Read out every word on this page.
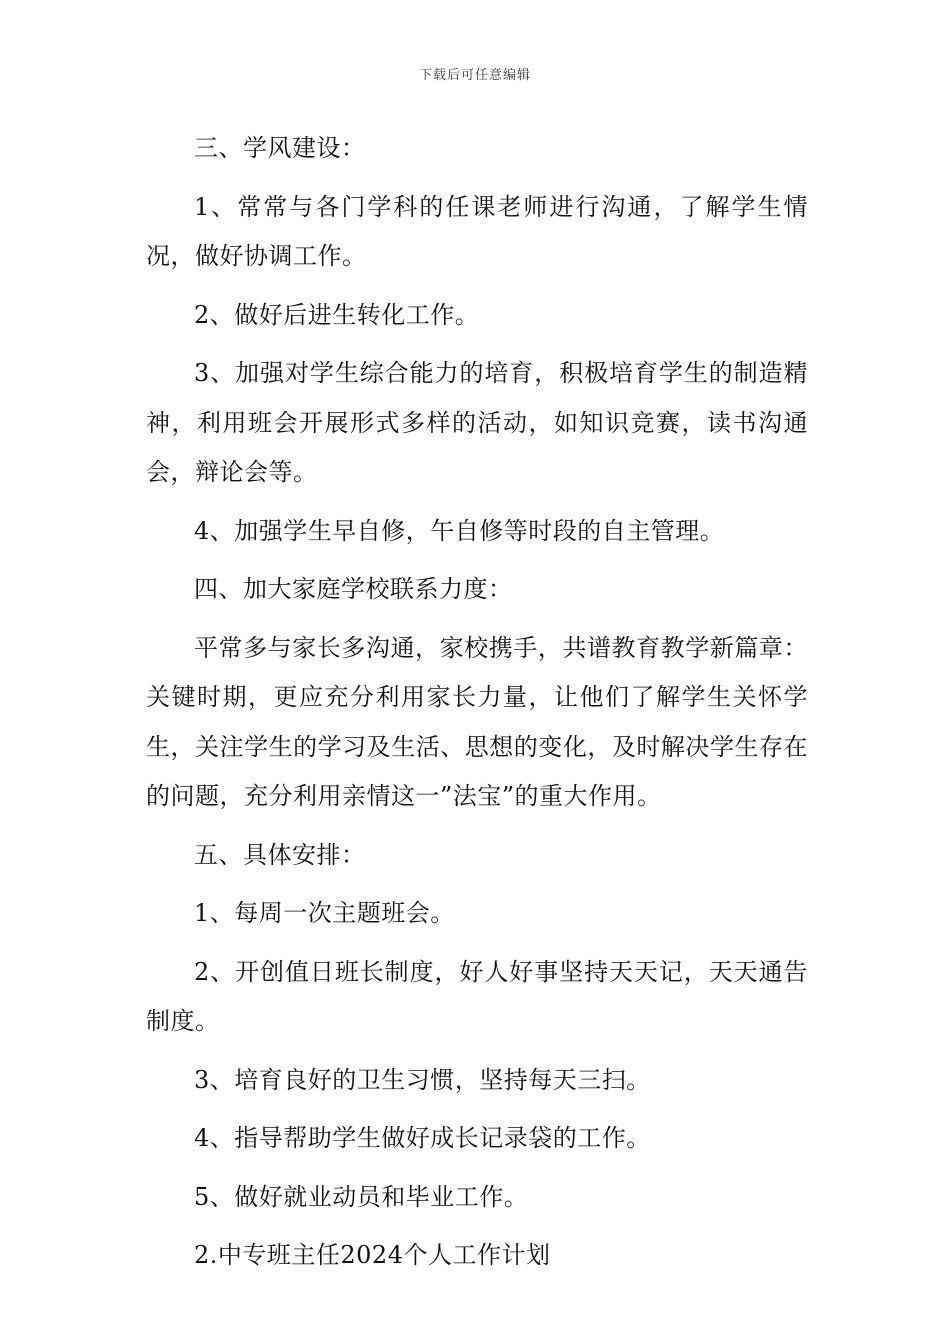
下载后可任意编辑

三、学风建设：

1、常常与各门学科的任课老师进行沟通，了解学生情况，做好协调工作。

2、做好后进生转化工作。

3、加强对学生综合能力的培育，积极培育学生的制造精神，利用班会开展形式多样的活动，如知识竞赛，读书沟通会，辩论会等。

4、加强学生早自修，午自修等时段的自主管理。

四、加大家庭学校联系力度：

平常多与家长多沟通，家校携手，共谱教育教学新篇章：关键时期，更应充分利用家长力量，让他们了解学生关怀学生，关注学生的学习及生活、思想的变化，及时解决学生存在的问题，充分利用亲情这一”法宝”的重大作用。

五、具体安排：

1、每周一次主题班会。

2、开创值日班长制度，好人好事坚持天天记，天天通告制度。

3、培育良好的卫生习惯，坚持每天三扫。

4、指导帮助学生做好成长记录袋的工作。

5、做好就业动员和毕业工作。

2.中专班主任2024个人工作计划
